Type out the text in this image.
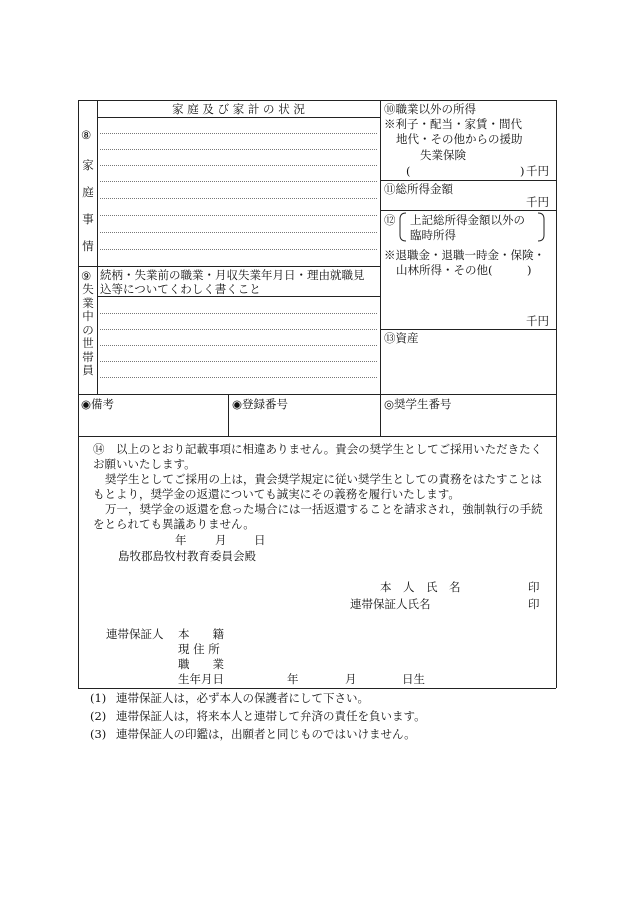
家 庭 及 び 家 計 の 状 況
⑧
家　庭　事　情
⑨
失業中の世帯員
続柄・失業前の職業・月収失業年月日・理由就職見
込等についてくわしく書くこと
⑩職業以外の所得
※利子・配当・家賃・間代
地代・その他からの援助
失業保険
(	) 千円
⑪総所得金額
千円
⑫ 上記総所得金額以外の
臨時所得
※退職金・退職一時金・保険・
山林所得・その他(　　　)
千円
⑬資産
◉備考	◉登録番号	◎奨学生番号
⑭ 以上のとおり記載事項に相違ありません。貴会の奨学生としてご採用いただきたく
お願いいたします。
奨学生としてご採用の上は，貴会奨学規定に従い奨学生としての責務をはたすことは
もとより，奨学金の返還についても誠実にその義務を履行いたします。
万一，奨学金の返還を怠った場合には一括返還することを請求され，強制執行の手続
をとられても異議ありません。
年 月 日
島牧郡島牧村教育委員会殿
本　人　氏　名	印
連帯保証人氏名	印
連帯保証人 本　　籍
現 住 所
職　　業
生年月日	年	月	日生
(1) 連帯保証人は，必ず本人の保護者にして下さい。
(2) 連帯保証人は，将来本人と連帯して弁済の責任を負います。
(3) 連帯保証人の印鑑は，出願者と同じものではいけません。
